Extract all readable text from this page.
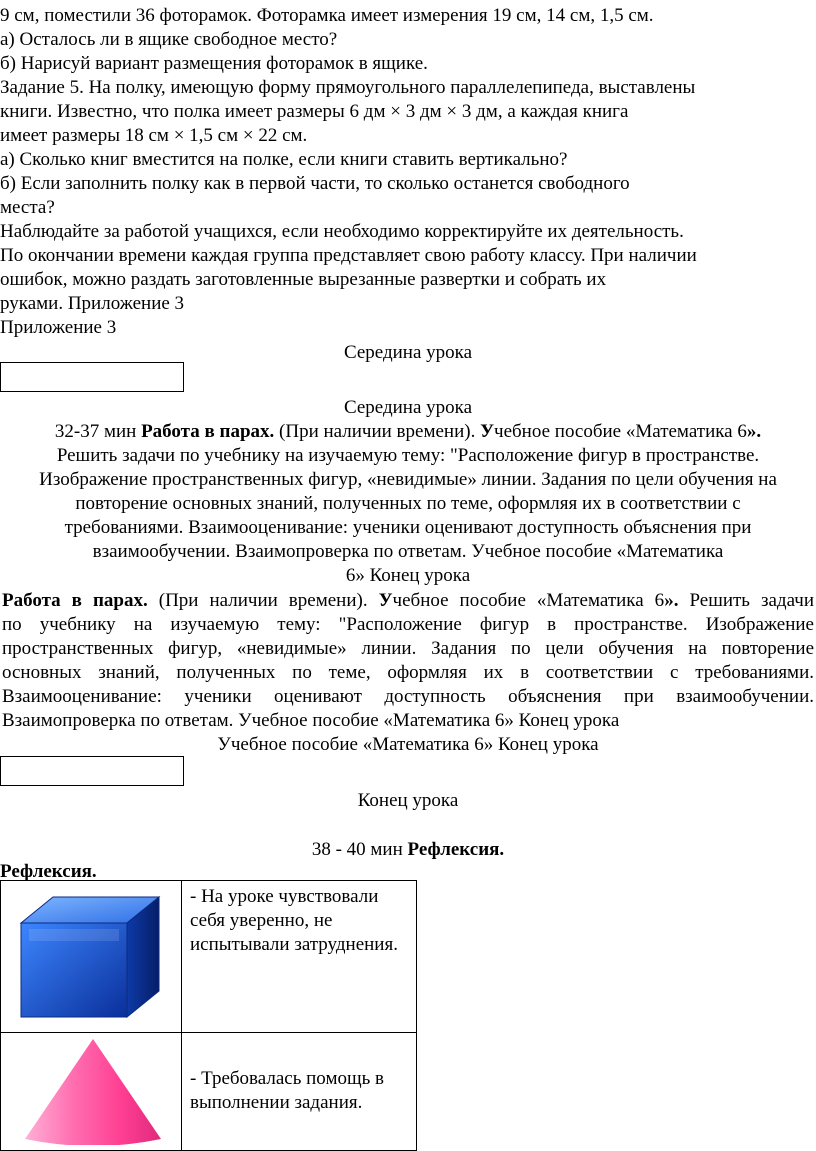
9 см, поместили 36 фоторамок. Фоторамка имеет измерения 19 см, 14 см, 1,5 см.
а) Осталось ли в ящике свободное место?
б) Нарисуй вариант размещения фоторамок в ящике.
Задание 5. На полку, имеющую форму прямоугольного параллелепипеда, выставлены
книги. Известно, что полка имеет размеры 6 дм × 3 дм × 3 дм, а каждая книга
имеет размеры 18 см × 1,5 см × 22 см.
а) Сколько книг вместится на полке, если книги ставить вертикально?
б) Если заполнить полку как в первой части, то сколько останется свободного
места?
Наблюдайте за работой учащихся, если необходимо корректируйте их деятельность.
По окончании времени каждая группа представляет свою работу классу. При наличии
ошибок, можно раздать заготовленные вырезанные развертки и собрать их
руками. Приложение 3
Приложение 3
Середина урока
Середина урока
32-37 мин Работа в парах. (При наличии времени). Учебное пособие «Математика 6».
Решить задачи по учебнику на изучаемую тему: "Расположение фигур в пространстве.
Изображение пространственных фигур, «невидимые» линии. Задания по цели обучения на
повторение основных знаний, полученных по теме, оформляя их в соответствии с
требованиями. Взаимооценивание: ученики оценивают доступность объяснения при
взаимообучении. Взаимопроверка по ответам. Учебное пособие «Математика
6» Конец урока
Работа в парах. (При наличии времени). Учебное пособие «Математика 6». Решить задачи
по учебнику на изучаемую тему: "Расположение фигур в пространстве. Изображение
пространственных фигур, «невидимые» линии. Задания по цели обучения на повторение
основных знаний, полученных по теме, оформляя их в соответствии с требованиями.
Взаимооценивание: ученики оценивают доступность объяснения при взаимообучении.
Взаимопроверка по ответам. Учебное пособие «Математика 6» Конец урока
Учебное пособие «Математика 6» Конец урока
Конец урока
38 - 40 мин Рефлексия.
Рефлексия.

- На уроке чувствовали себя уверенно, не испытывали затруднения.

- Требовалась помощь в выполнении задания.
